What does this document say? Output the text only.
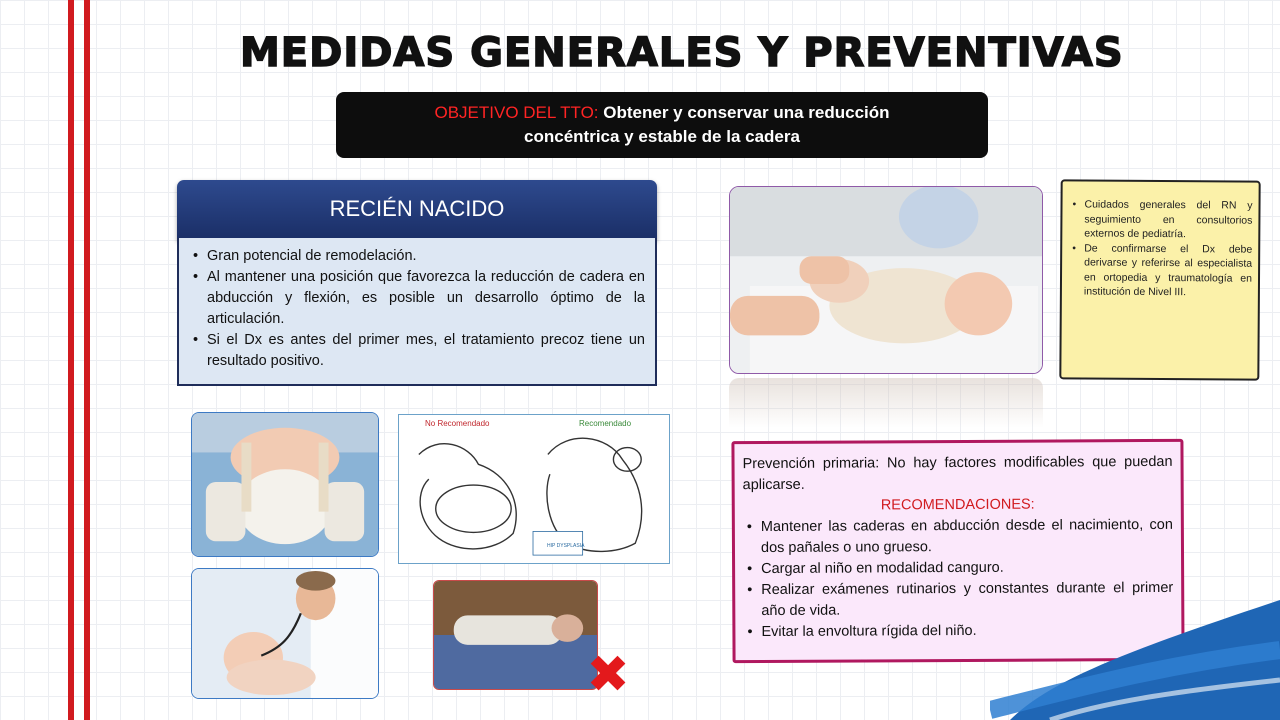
MEDIDAS GENERALES Y PREVENTIVAS
OBJETIVO DEL TTO: Obtener y conservar una reducción
concéntrica y estable de la cadera
RECIÉN NACIDO
• Gran potencial de remodelación.
• Al mantener una posición que favorezca la reducción de cadera en abducción y flexión, es posible un desarrollo óptimo de la articulación.
• Si el Dx es antes del primer mes, el tratamiento precoz tiene un resultado positivo.
• Cuidados generales del RN y seguimiento en consultorios externos de pediatría.
• De confirmarse el Dx debe derivarse y referirse al especialista en ortopedia y traumatología en institución de Nivel III.
No Recomendado	Recomendado
HIP DYSPLASIA
✖

Prevención primaria: No hay factores modificables que puedan aplicarse.

RECOMENDACIONES:

• Mantener las caderas en abducción desde el nacimiento, con dos pañales o uno grueso.
• Cargar al niño en modalidad canguro.
• Realizar exámenes rutinarios y constantes durante el primer año de vida.
• Evitar la envoltura rígida del niño.
